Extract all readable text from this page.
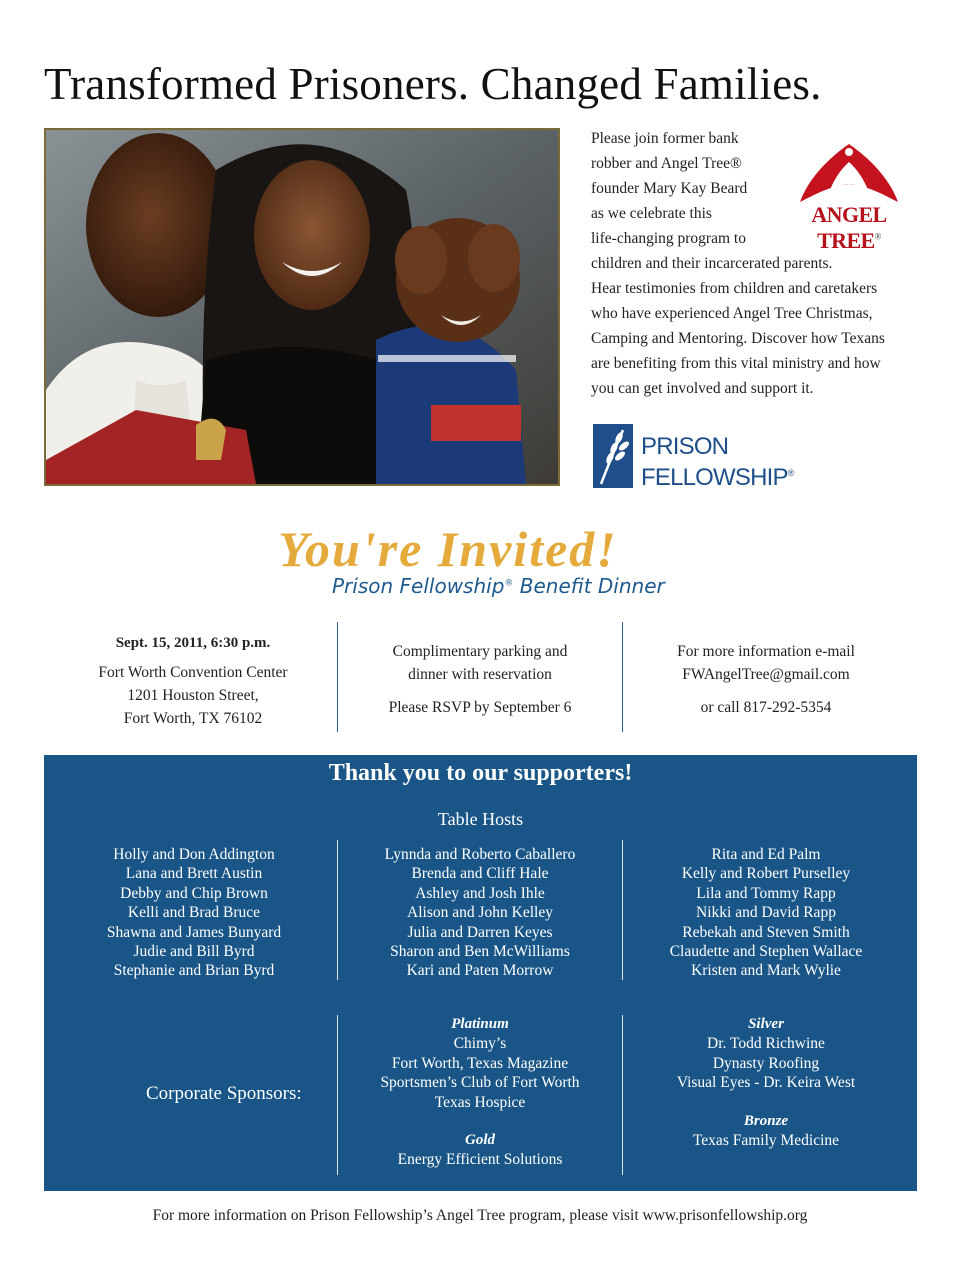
Transformed Prisoners. Changed Families.
Please join former bank
robber and Angel Tree®
founder Mary Kay Beard
as we celebrate this
life-changing program to
children and their incarcerated parents.
Hear testimonies from children and caretakers
who have experienced Angel Tree Christmas,
Camping and Mentoring. Discover how Texans
are benefiting from this vital ministry and how
you can get involved and support it.
ANGEL TREE®
PRISON
FELLOWSHIP®
You're Invited!
Prison Fellowship® Benefit Dinner
Sept. 15, 2011, 6:30 p.m.
Fort Worth Convention Center
1201 Houston Street,
Fort Worth, TX 76102
Complimentary parking and
dinner with reservation
Please RSVP by September 6
For more information e-mail
FWAngelTree@gmail.com
or call 817-292-5354
Thank you to our supporters!
Table Hosts
Holly and Don Addington
Lana and Brett Austin
Debby and Chip Brown
Kelli and Brad Bruce
Shawna and James Bunyard
Judie and Bill Byrd
Stephanie and Brian Byrd
Lynnda and Roberto Caballero
Brenda and Cliff Hale
Ashley and Josh Ihle
Alison and John Kelley
Julia and Darren Keyes
Sharon and Ben McWilliams
Kari and Paten Morrow
Rita and Ed Palm
Kelly and Robert Purselley
Lila and Tommy Rapp
Nikki and David Rapp
Rebekah and Steven Smith
Claudette and Stephen Wallace
Kristen and Mark Wylie
Corporate Sponsors:
Platinum
Chimy’s
Fort Worth, Texas Magazine
Sportsmen’s Club of Fort Worth
Texas Hospice
Gold
Energy Efficient Solutions
Silver
Dr. Todd Richwine
Dynasty Roofing
Visual Eyes - Dr. Keira West
Bronze
Texas Family Medicine
For more information on Prison Fellowship’s Angel Tree program, please visit www.prisonfellowship.org
